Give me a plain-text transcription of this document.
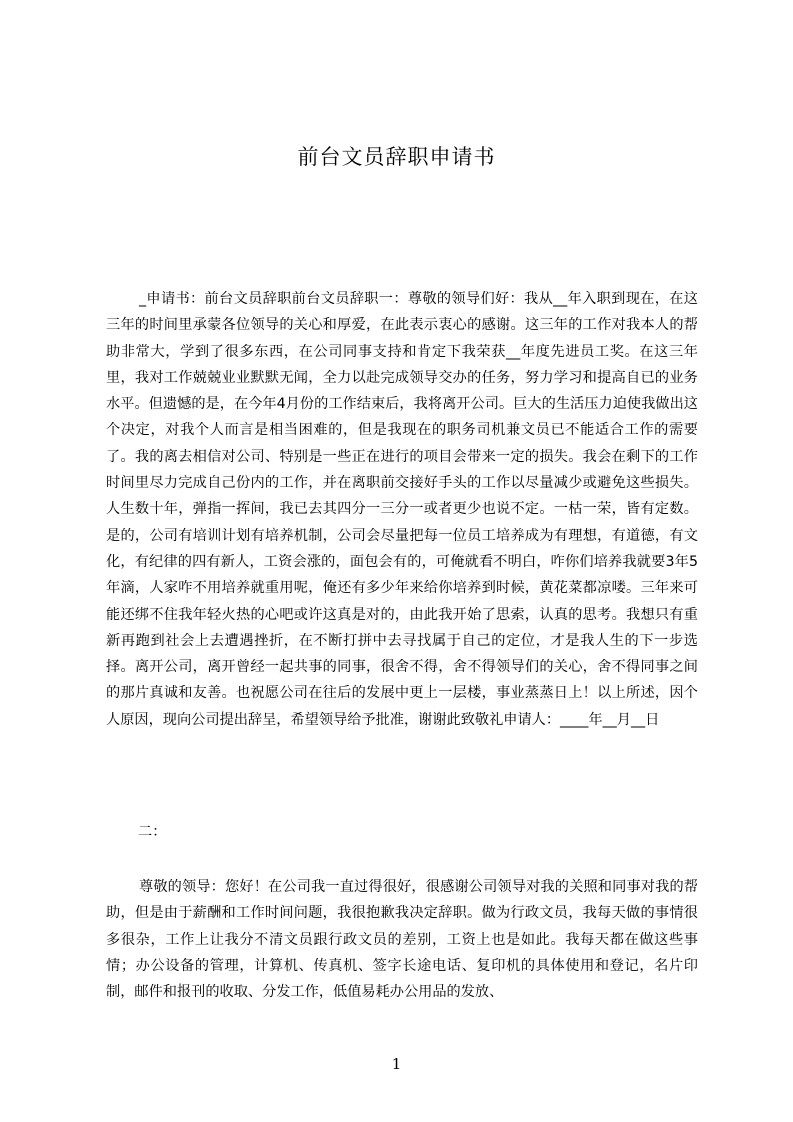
前台文员辞职申请书

_申请书：前台文员辞职前台文员辞职一：尊敬的领导们好：我从__年入职到现在，在这三年的时间里承蒙各位领导的关心和厚爱，在此表示衷心的感谢。这三年的工作对我本人的帮助非常大，学到了很多东西，在公司同事支持和肯定下我荣获__年度先进员工奖。在这三年里，我对工作兢兢业业默默无闻，全力以赴完成领导交办的任务，努力学习和提高自已的业务水平。但遗憾的是，在今年4月份的工作结束后，我将离开公司。巨大的生活压力迫使我做出这个决定，对我个人而言是相当困难的，但是我现在的职务司机兼文员已不能适合工作的需要了。我的离去相信对公司、特别是一些正在进行的项目会带来一定的损失。我会在剩下的工作时间里尽力完成自己份内的工作，并在离职前交接好手头的工作以尽量减少或避免这些损失。人生数十年，弹指一挥间，我已去其四分一三分一或者更少也说不定。一枯一荣，皆有定数。是的，公司有培训计划有培养机制，公司会尽量把每一位员工培养成为有理想，有道德，有文化，有纪律的四有新人，工资会涨的，面包会有的，可俺就看不明白，咋你们培养我就要3年5年滴，人家咋不用培养就重用呢，俺还有多少年来给你培养到时候，黄花菜都凉喽。三年来可能还绑不住我年轻火热的心吧或许这真是对的，由此我开始了思索，认真的思考。我想只有重新再跑到社会上去遭遇挫折，在不断打拼中去寻找属于自己的定位，才是我人生的下一步选择。离开公司，离开曾经一起共事的同事，很舍不得，舍不得领导们的关心，舍不得同事之间的那片真诚和友善。也祝愿公司在往后的发展中更上一层楼，事业蒸蒸日上！以上所述，因个人原因，现向公司提出辞呈，希望领导给予批准，谢谢此致敬礼申请人：____年__月__日

二：

尊敬的领导：您好！在公司我一直过得很好，很感谢公司领导对我的关照和同事对我的帮助，但是由于薪酬和工作时间问题，我很抱歉我决定辞职。做为行政文员，我每天做的事情很多很杂，工作上让我分不清文员跟行政文员的差别，工资上也是如此。我每天都在做这些事情；办公设备的管理，计算机、传真机、签字长途电话、复印机的具体使用和登记，名片印制，邮件和报刊的收取、分发工作，低值易耗办公用品的发放、

1
